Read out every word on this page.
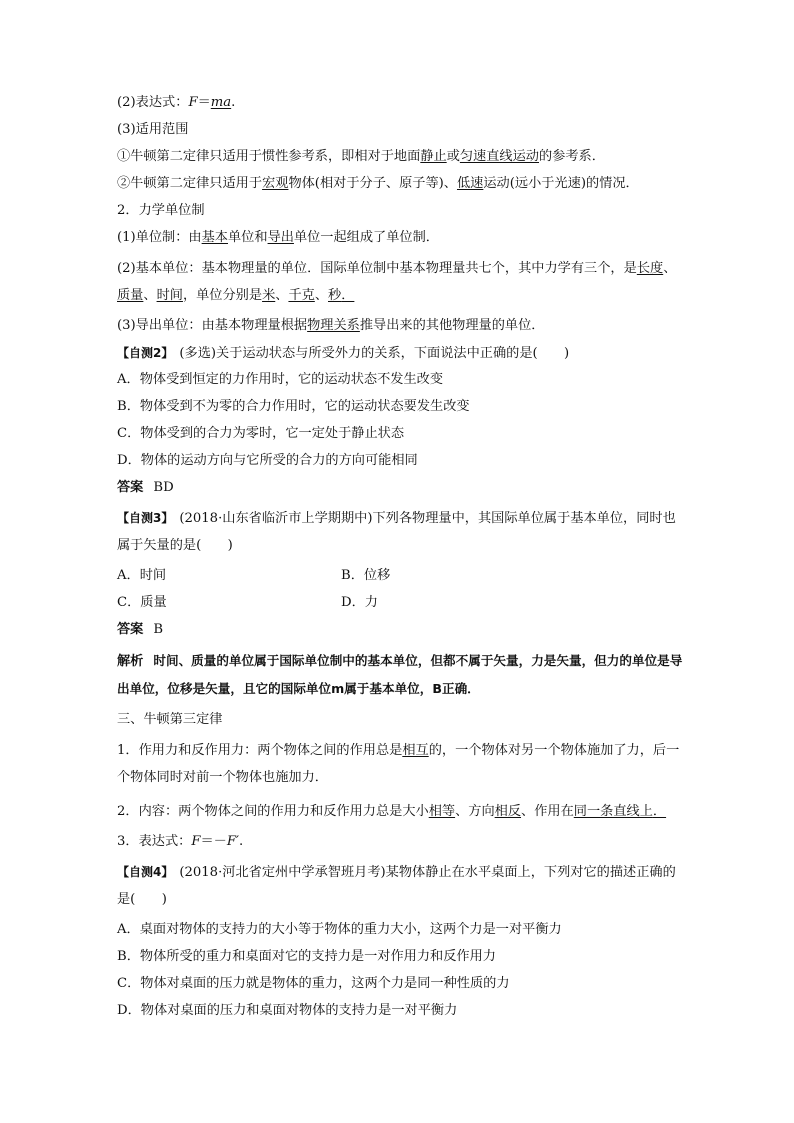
(2)表达式：F＝ma.
(3)适用范围
①牛顿第二定律只适用于惯性参考系，即相对于地面静止或匀速直线运动的参考系．
②牛顿第二定律只适用于宏观物体(相对于分子、原子等)、低速运动(远小于光速)的情况．
2．力学单位制
(1)单位制：由基本单位和导出单位一起组成了单位制．
(2)基本单位：基本物理量的单位．国际单位制中基本物理量共七个，其中力学有三个，是长度、质量、时间，单位分别是米、千克、秒．
(3)导出单位：由基本物理量根据物理关系推导出来的其他物理量的单位．
【自测2】 (多选)关于运动状态与所受外力的关系，下面说法中正确的是(　　)
A．物体受到恒定的力作用时，它的运动状态不发生改变
B．物体受到不为零的合力作用时，它的运动状态要发生改变
C．物体受到的合力为零时，它一定处于静止状态
D．物体的运动方向与它所受的合力的方向可能相同
答案 BD
【自测3】 (2018·山东省临沂市上学期期中)下列各物理量中，其国际单位属于基本单位，同时也属于矢量的是(　　)
A．时间	B．位移
C．质量	D．力
答案 B
解析 时间、质量的单位属于国际单位制中的基本单位，但都不属于矢量，力是矢量，但力的单位是导出单位，位移是矢量，且它的国际单位m属于基本单位，B正确．
三、牛顿第三定律
1．作用力和反作用力：两个物体之间的作用总是相互的，一个物体对另一个物体施加了力，后一个物体同时对前一个物体也施加力．
2．内容：两个物体之间的作用力和反作用力总是大小相等、方向相反、作用在同一条直线上．
3．表达式：F＝－F′.
【自测4】 (2018·河北省定州中学承智班月考)某物体静止在水平桌面上，下列对它的描述正确的是(　　)
A．桌面对物体的支持力的大小等于物体的重力大小，这两个力是一对平衡力
B．物体所受的重力和桌面对它的支持力是一对作用力和反作用力
C．物体对桌面的压力就是物体的重力，这两个力是同一种性质的力
D．物体对桌面的压力和桌面对物体的支持力是一对平衡力
